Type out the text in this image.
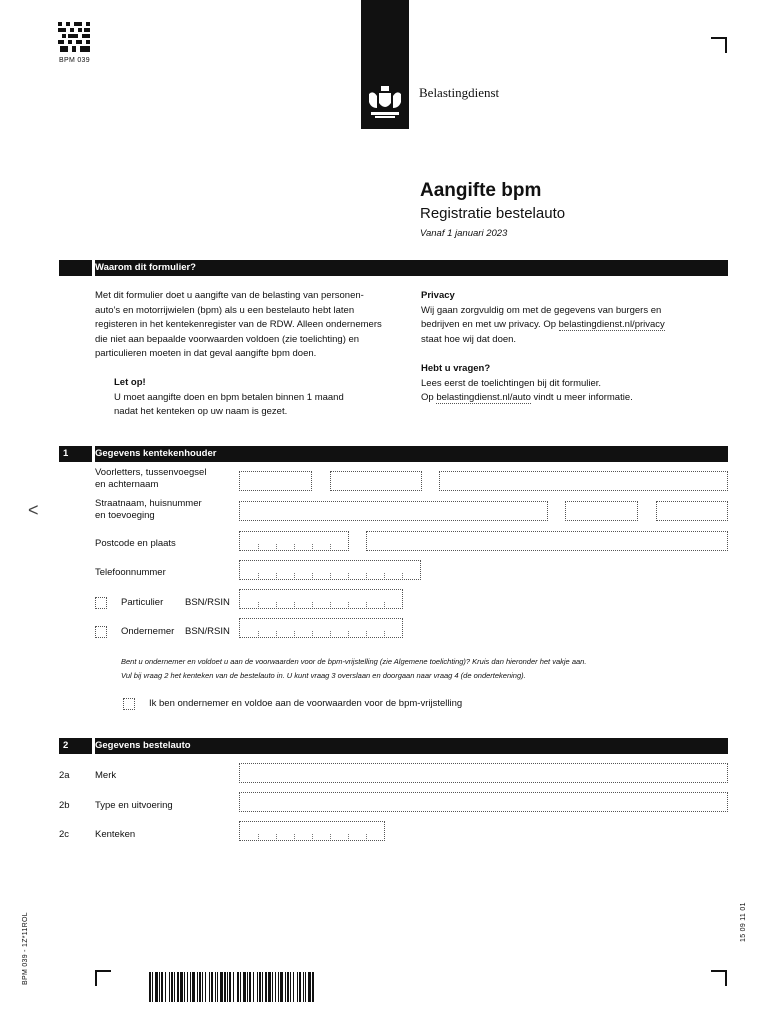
BPM 039
Belastingdienst
Aangifte bpm
Registratie bestelauto
Vanaf 1 januari 2023
Waarom dit formulier?
Met dit formulier doet u aangifte van de belasting van personen-
auto’s en motorrijwielen (bpm) als u een bestelauto hebt laten
registeren in het kentekenregister van de RDW. Alleen ondernemers
die niet aan bepaalde voorwaarden voldoen (zie toelichting) en
particulieren moeten in dat geval aangifte bpm doen.
Let op!
U moet aangifte doen en bpm betalen binnen 1 maand
nadat het kenteken op uw naam is gezet.
Privacy
Wij gaan zorgvuldig om met de gegevens van burgers en
bedrijven en met uw privacy. Op belastingdienst.nl/privacy
staat hoe wij dat doen.
Hebt u vragen?
Lees eerst de toelichtingen bij dit formulier.
Op belastingdienst.nl/auto vindt u meer informatie.
1	Gegevens kentekenhouder
<
Voorletters, tussenvoegsel
en achternaam
Straatnaam, huisnummer
en toevoeging
Postcode en plaats
Telefoonnummer
Particulier BSN/RSIN
Ondernemer BSN/RSIN
Bent u ondernemer en voldoet u aan de voorwaarden voor de bpm-vrijstelling (zie Algemene toelichting)? Kruis dan hieronder het vakje aan.
Vul bij vraag 2 het kenteken van de bestelauto in. U kunt vraag 3 overslaan en doorgaan naar vraag 4 (de ondertekening).
Ik ben ondernemer en voldoe aan de voorwaarden voor de bpm-vrijstelling
2	Gegevens bestelauto
2a	Merk
2b	Type en uitvoering
2c	Kenteken
BPM 039 - 1Z*11ROL	15 09 11 01
